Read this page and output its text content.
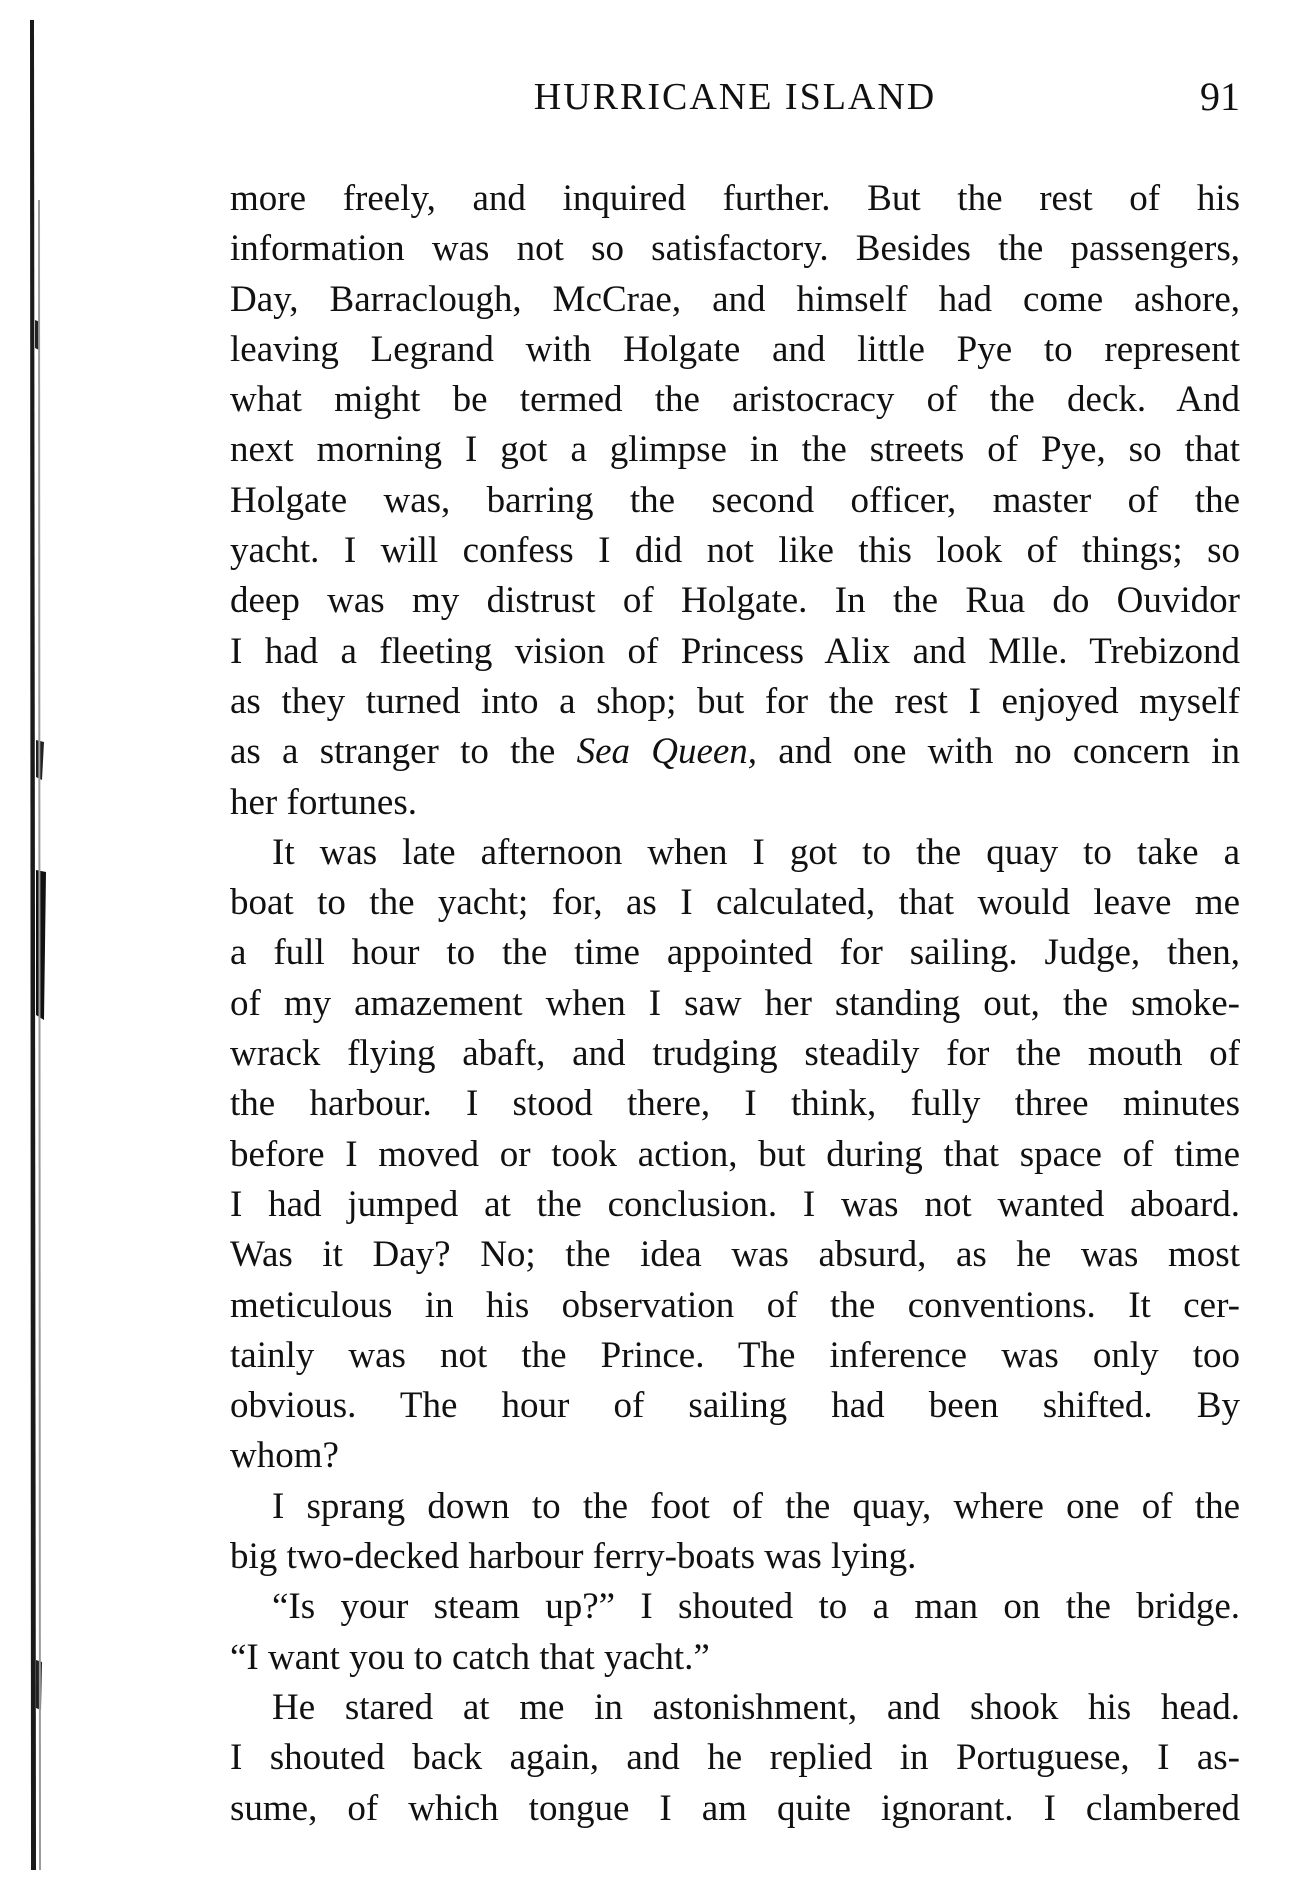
HURRICANE ISLAND	91
more freely, and inquired further. But the rest of his
information was not so satisfactory. Besides the passengers,
Day, Barraclough, McCrae, and himself had come ashore,
leaving Legrand with Holgate and little Pye to represent
what might be termed the aristocracy of the deck. And
next morning I got a glimpse in the streets of Pye, so that
Holgate was, barring the second officer, master of the
yacht. I will confess I did not like this look of things; so
deep was my distrust of Holgate. In the Rua do Ouvidor
I had a fleeting vision of Princess Alix and Mlle. Trebizond
as they turned into a shop; but for the rest I enjoyed myself
as a stranger to the Sea Queen, and one with no concern in
her fortunes.
It was late afternoon when I got to the quay to take a
boat to the yacht; for, as I calculated, that would leave me
a full hour to the time appointed for sailing. Judge, then,
of my amazement when I saw her standing out, the smoke-
wrack flying abaft, and trudging steadily for the mouth of
the harbour. I stood there, I think, fully three minutes
before I moved or took action, but during that space of time
I had jumped at the conclusion. I was not wanted aboard.
Was it Day? No; the idea was absurd, as he was most
meticulous in his observation of the conventions. It cer-
tainly was not the Prince. The inference was only too
obvious. The hour of sailing had been shifted. By
whom?
I sprang down to the foot of the quay, where one of the
big two-decked harbour ferry-boats was lying.
“Is your steam up?” I shouted to a man on the bridge.
“I want you to catch that yacht.”
He stared at me in astonishment, and shook his head.
I shouted back again, and he replied in Portuguese, I as-
sume, of which tongue I am quite ignorant. I clambered
